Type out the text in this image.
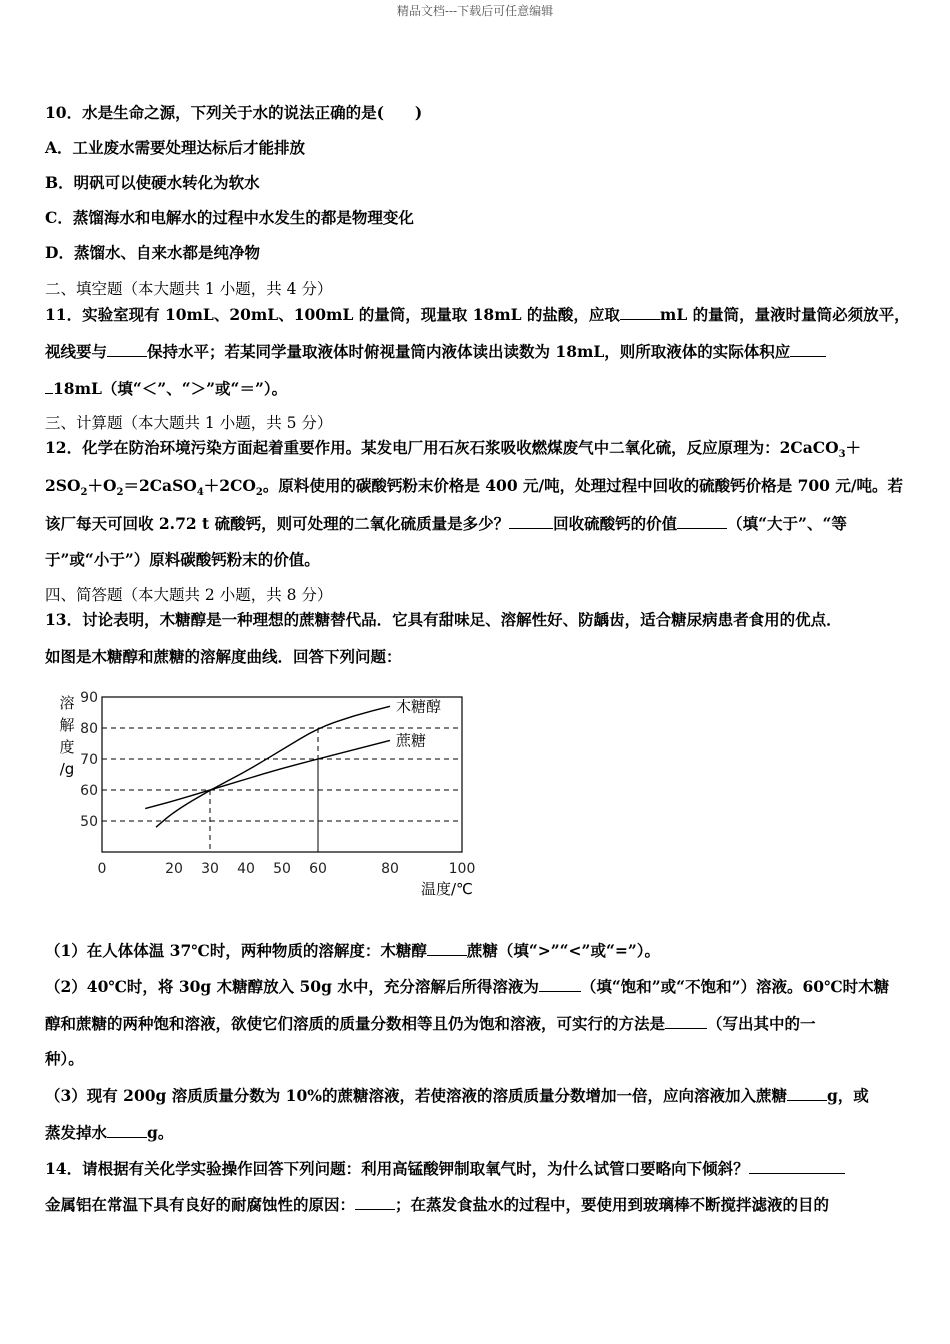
精品文档---下载后可任意编辑
10．水是生命之源，下列关于水的说法正确的是(　　)
A．工业废水需要处理达标后才能排放
B．明矾可以使硬水转化为软水
C．蒸馏海水和电解水的过程中水发生的都是物理变化
D．蒸馏水、自来水都是纯净物
二、填空题（本大题共 1 小题，共 4 分）
11．实验室现有 10mL、20mL、100mL 的量筒，现量取 18mL 的盐酸，应取	mL 的量筒，量液时量筒必须放平，
视线要与	保持水平；若某同学量取液体时俯视量筒内液体读出读数为 18mL，则所取液体的实际体积应
18mL（填“＜”、“＞”或“＝”）。
三、计算题（本大题共 1 小题，共 5 分）
12．化学在防治环境污染方面起着重要作用。某发电厂用石灰石浆吸收燃煤废气中二氧化硫，反应原理为：2CaCO$_3$＋
$2SO_2+O_2=2CaSO_4+2CO_2$。原料使用的碳酸钙粉末价格是 400 元/吨，处理过程中回收的硫酸钙价格是 700 元/吨。若
该厂每天可回收 2.72 t 硫酸钙，则可处理的二氧化硫质量是多少？	回收硫酸钙的价值	（填“大于”、“等
于”或“小于”）原料碳酸钙粉末的价值。
四、简答题（本大题共 2 小题，共 8 分）
13．讨论表明，木糖醇是一种理想的蔗糖替代品．它具有甜味足、溶解性好、防龋齿，适合糖尿病患者食用的优点．
如图是木糖醇和蔗糖的溶解度曲线．回答下列问题：
溶
解
度
/g
木糖醇
蔗糖
0	20 30 40 50 60	80	100
50
60
70
80
90
温度/℃
（1）在人体体温 37℃时，两种物质的溶解度：木糖醇	蔗糖（填“>”“<”或“=”）。
（2）40℃时，将 30g 木糖醇放入 50g 水中，充分溶解后所得溶液为	（填“饱和”或“不饱和”）溶液。60℃时木糖
醇和蔗糖的两种饱和溶液，欲使它们溶质的质量分数相等且仍为饱和溶液，可实行的方法是	（写出其中的一
种）。
（3）现有 200g 溶质质量分数为 10%的蔗糖溶液，若使溶液的溶质质量分数增加一倍，应向溶液加入蔗糖	g，或
蒸发掉水	g。
14．请根据有关化学实验操作回答下列问题：利用高锰酸钾制取氧气时，为什么试管口要略向下倾斜？
金属铝在常温下具有良好的耐腐蚀性的原因：	；在蒸发食盐水的过程中，要使用到玻璃棒不断搅拌滤液的目的
